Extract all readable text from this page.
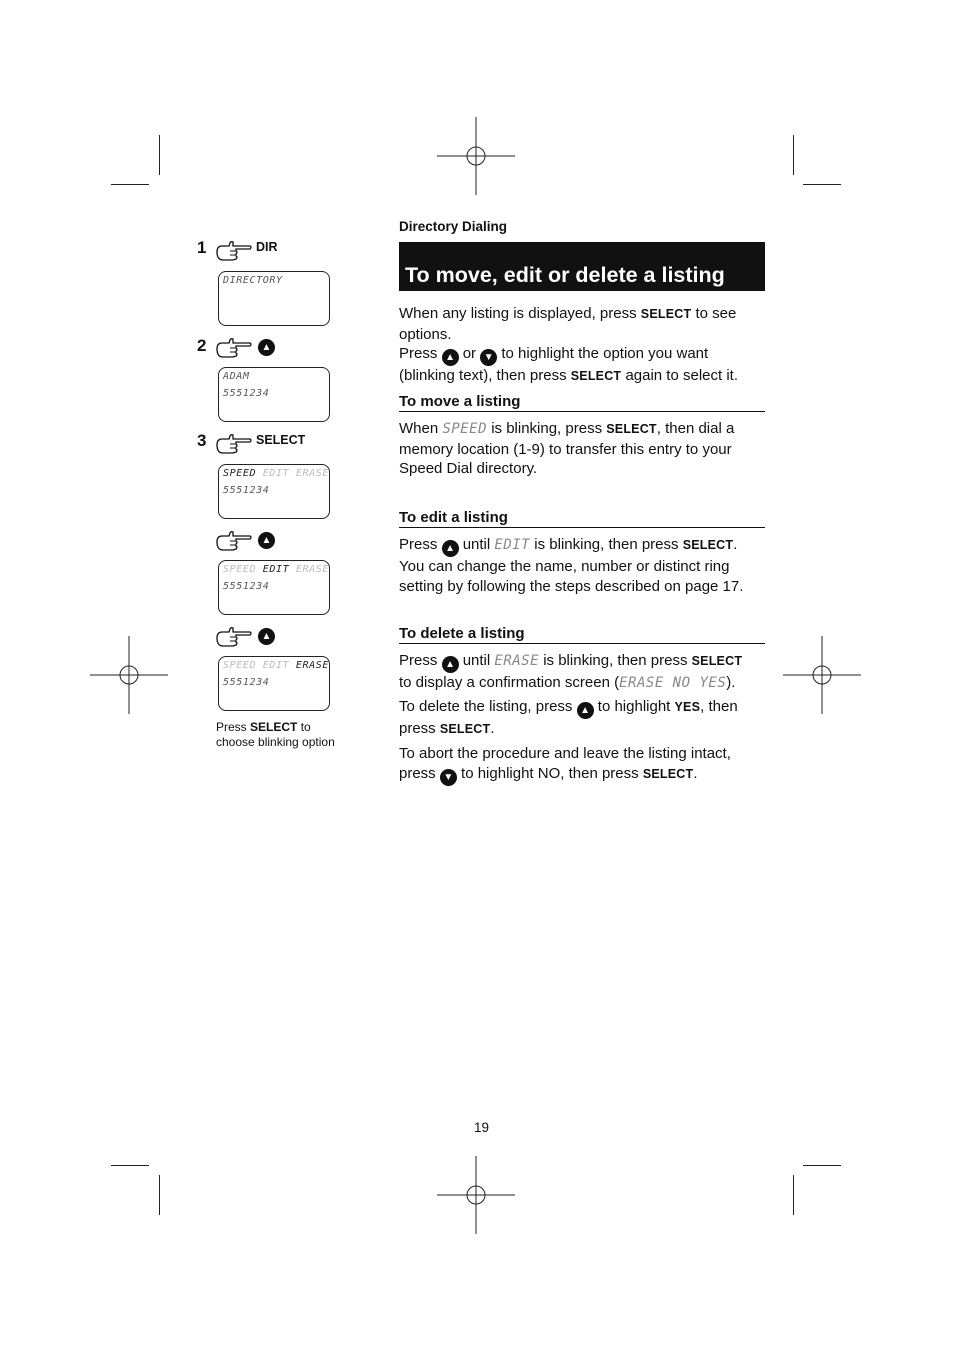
1	DIR
DIRECTORY
2	▲
ADAM
5551234
3	SELECT
SPEED EDIT ERASE
5551234
▲
SPEED EDIT ERASE
5551234
▲
SPEED EDIT ERASE
5551234
Press SELECT to
choose blinking option
Directory Dialing
To move, edit or delete a listing

When any listing is displayed, press SELECT to see options.

Press ▲ or ▼ to highlight the option you want

(blinking text), then press SELECT again to select it.

To move a listing

When SPEED is blinking, press SELECT, then dial a

memory location (1-9) to transfer this entry to your

Speed Dial directory.

To edit a listing

Press ▲ until EDIT is blinking, then press SELECT.

You can change the name, number or distinct ring

setting by following the steps described on page 17.

To delete a listing

Press ▲ until ERASE is blinking, then press SELECT

to display a confirmation screen (ERASE NO YES).

To delete the listing, press ▲ to highlight YES, then

press SELECT.

To abort the procedure and leave the listing intact,

press ▼ to highlight NO, then press SELECT.

19
